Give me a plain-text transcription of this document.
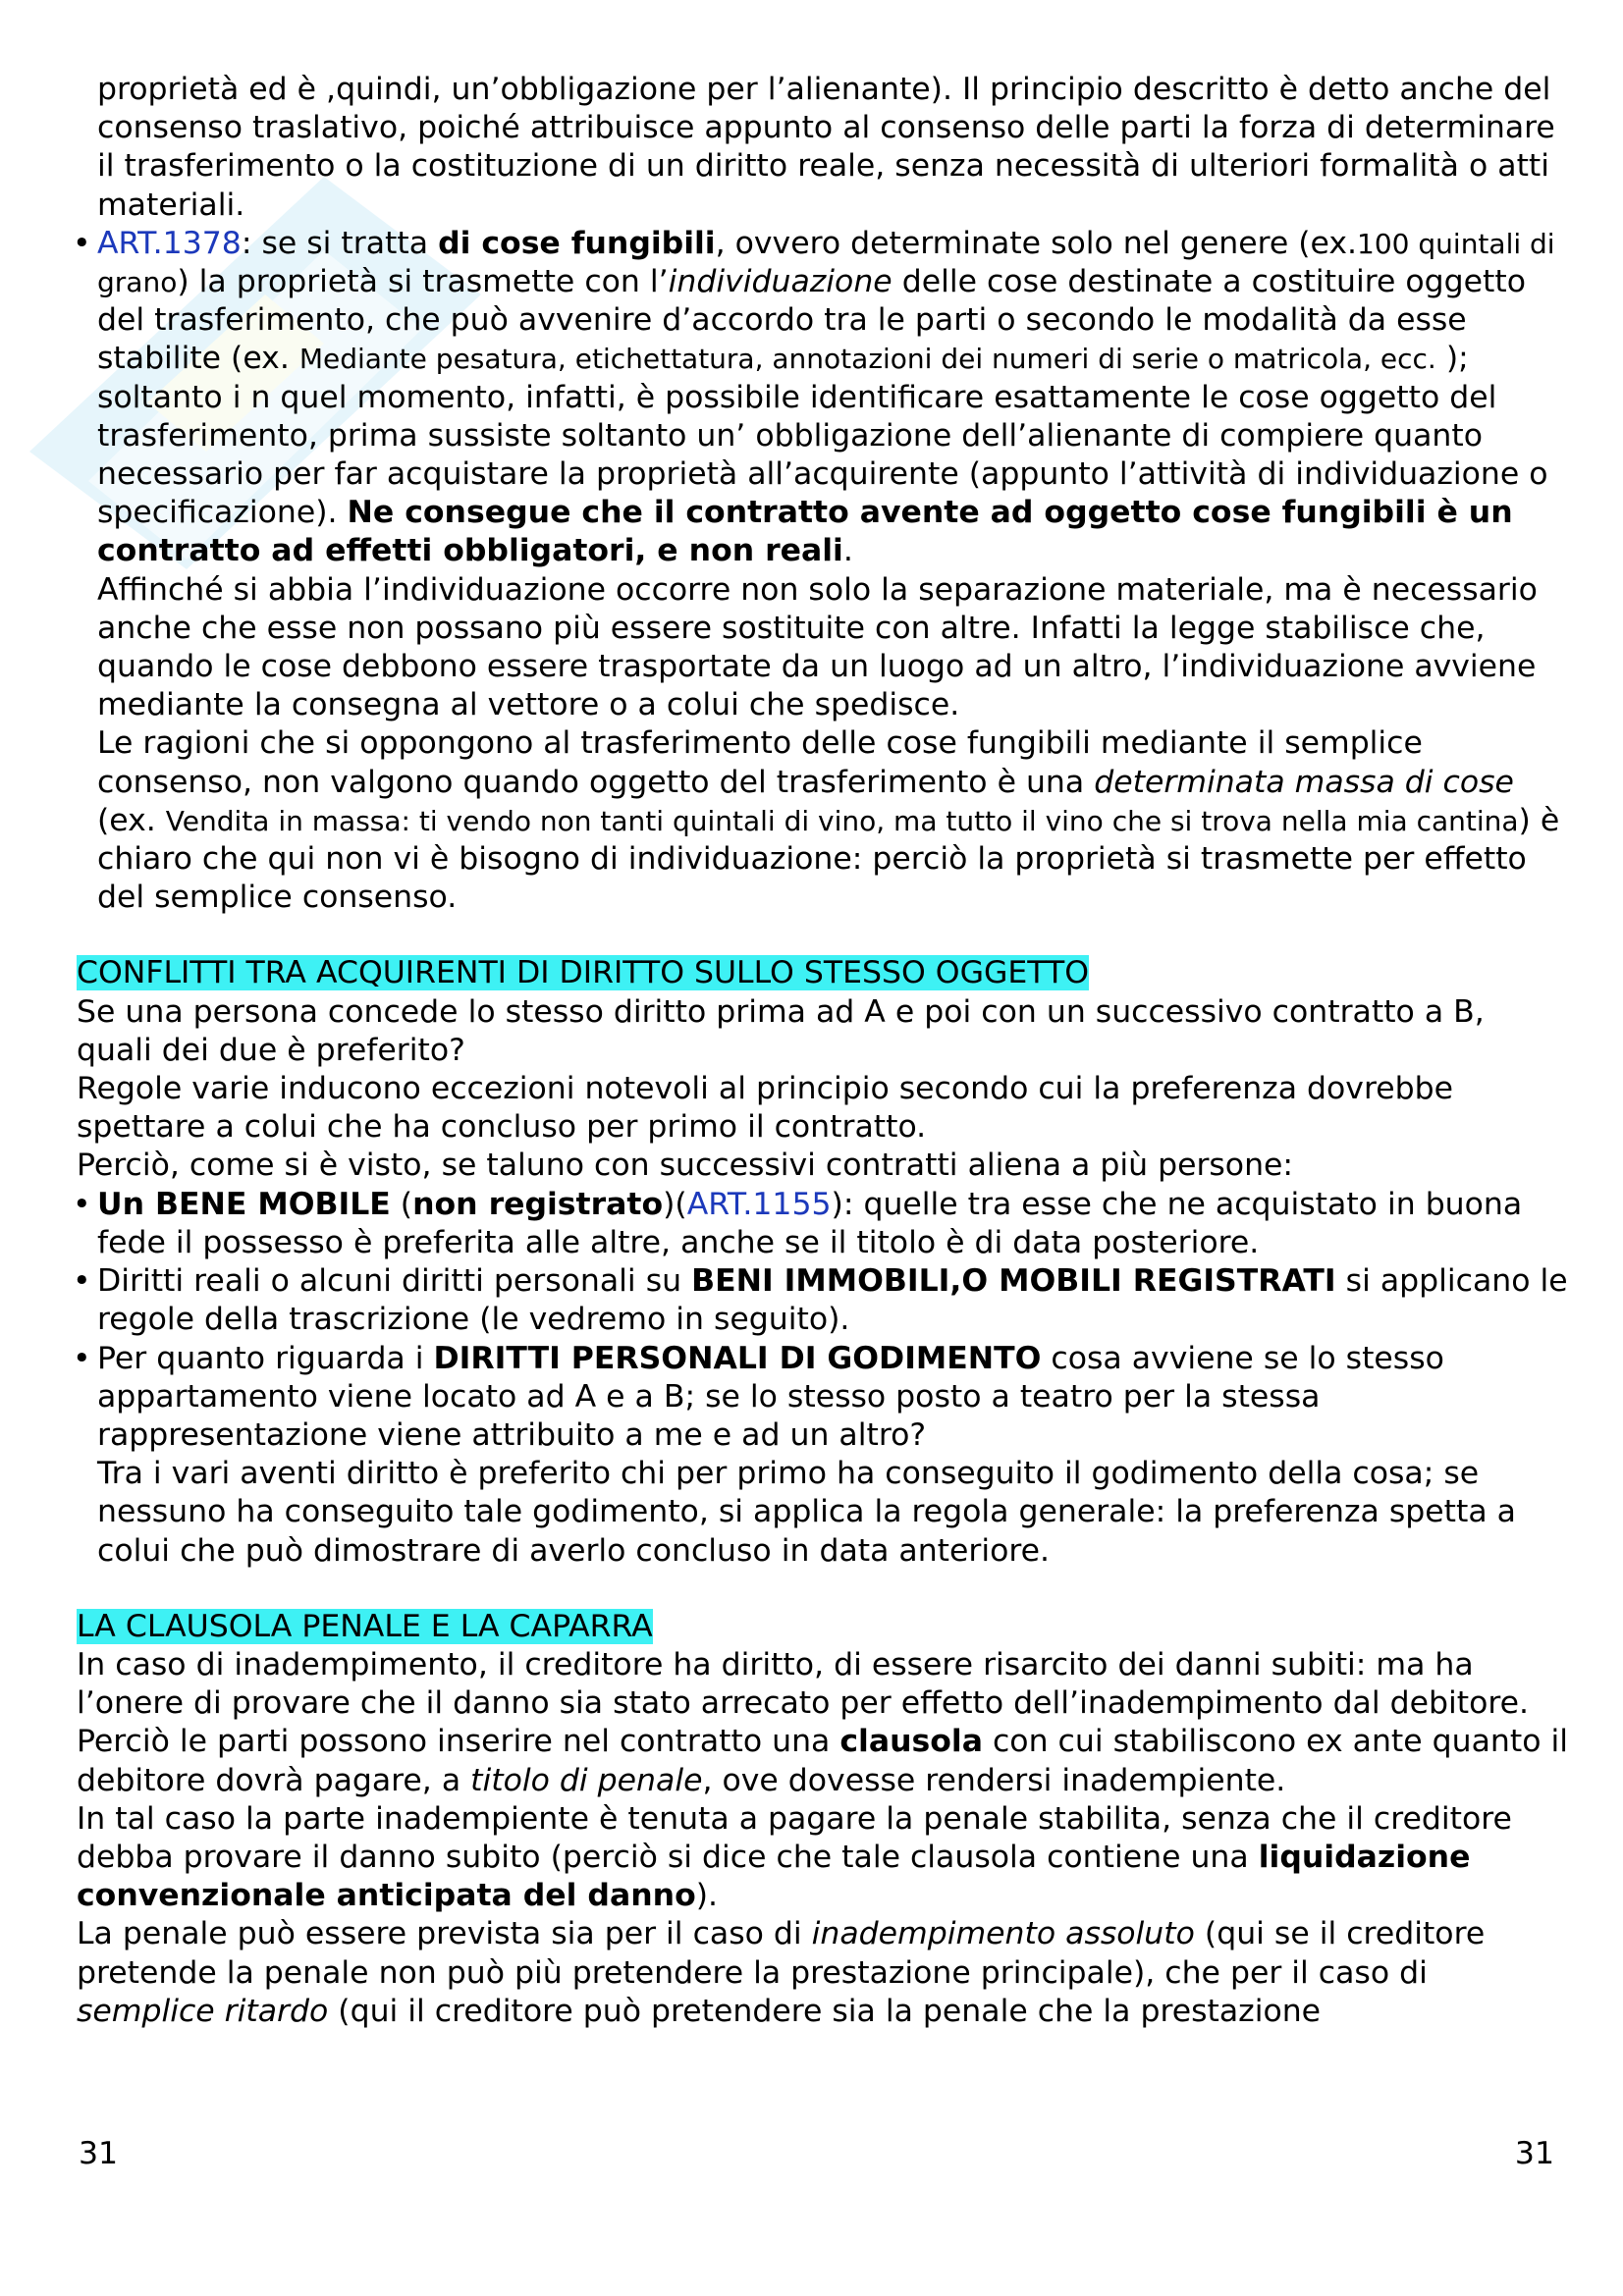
proprietà ed è ,quindi, un’obbligazione per l’alienante). Il principio descritto è detto anche del consenso traslativo, poiché attribuisce appunto al consenso delle parti la forza di determinare il trasferimento o la costituzione di un diritto reale, senza necessità di ulteriori formalità o atti materiali.

• ART.1378: se si tratta di cose fungibili, ovvero determinate solo nel genere (ex.100 quintali di grano) la proprietà si trasmette con l’individuazione delle cose destinate a costituire oggetto del trasferimento, che può avvenire d’accordo tra le parti o secondo le modalità da esse stabilite (ex. Mediante pesatura, etichettatura, annotazioni dei numeri di serie o matricola, ecc. ); soltanto i n quel momento, infatti, è possibile identificare esattamente le cose oggetto del trasferimento, prima sussiste soltanto un’ obbligazione dell’alienante di compiere quanto necessario per far acquistare la proprietà all’acquirente (appunto l’attività di individuazione o specificazione). Ne consegue che il contratto avente ad oggetto cose fungibili è un contratto ad effetti obbligatori, e non reali.

Affinché si abbia l’individuazione occorre non solo la separazione materiale, ma è necessario anche che esse non possano più essere sostituite con altre. Infatti la legge stabilisce che, quando le cose debbono essere trasportate da un luogo ad un altro, l’individuazione avviene mediante la consegna al vettore o a colui che spedisce.

Le ragioni che si oppongono al trasferimento delle cose fungibili mediante il semplice consenso, non valgono quando oggetto del trasferimento è una determinata massa di cose (ex. Vendita in massa: ti vendo non tanti quintali di vino, ma tutto il vino che si trova nella mia cantina) è chiaro che qui non vi è bisogno di individuazione: perciò la proprietà si trasmette per effetto del semplice consenso.

CONFLITTI TRA ACQUIRENTI DI DIRITTO SULLO STESSO OGGETTO

Se una persona concede lo stesso diritto prima ad A e poi con un successivo contratto a B, quali dei due è preferito?

Regole varie inducono eccezioni notevoli al principio secondo cui la preferenza dovrebbe spettare a colui che ha concluso per primo il contratto.

Perciò, come si è visto, se taluno con successivi contratti aliena a più persone:

• Un BENE MOBILE (non registrato)(ART.1155): quelle tra esse che ne acquistato in buona fede il possesso è preferita alle altre, anche se il titolo è di data posteriore.

• Diritti reali o alcuni diritti personali su BENI IMMOBILI,O MOBILI REGISTRATI si applicano le regole della trascrizione (le vedremo in seguito).

• Per quanto riguarda i DIRITTI PERSONALI DI GODIMENTO cosa avviene se lo stesso appartamento viene locato ad A e a B; se lo stesso posto a teatro per la stessa rappresentazione viene attribuito a me e ad un altro?

Tra i vari aventi diritto è preferito chi per primo ha conseguito il godimento della cosa; se nessuno ha conseguito tale godimento, si applica la regola generale: la preferenza spetta a colui che può dimostrare di averlo concluso in data anteriore.

LA CLAUSOLA PENALE E LA CAPARRA

In caso di inadempimento, il creditore ha diritto, di essere risarcito dei danni subiti: ma ha l’onere di provare che il danno sia stato arrecato per effetto dell’inadempimento dal debitore.

Perciò le parti possono inserire nel contratto una clausola con cui stabiliscono ex ante quanto il debitore dovrà pagare, a titolo di penale, ove dovesse rendersi inadempiente.

In tal caso la parte inadempiente è tenuta a pagare la penale stabilita, senza che il creditore debba provare il danno subito (perciò si dice che tale clausola contiene una liquidazione convenzionale anticipata del danno).

La penale può essere prevista sia per il caso di inadempimento assoluto (qui se il creditore pretende la penale non può più pretendere la prestazione principale), che per il caso di semplice ritardo (qui il creditore può pretendere sia la penale che la prestazione

31	31
